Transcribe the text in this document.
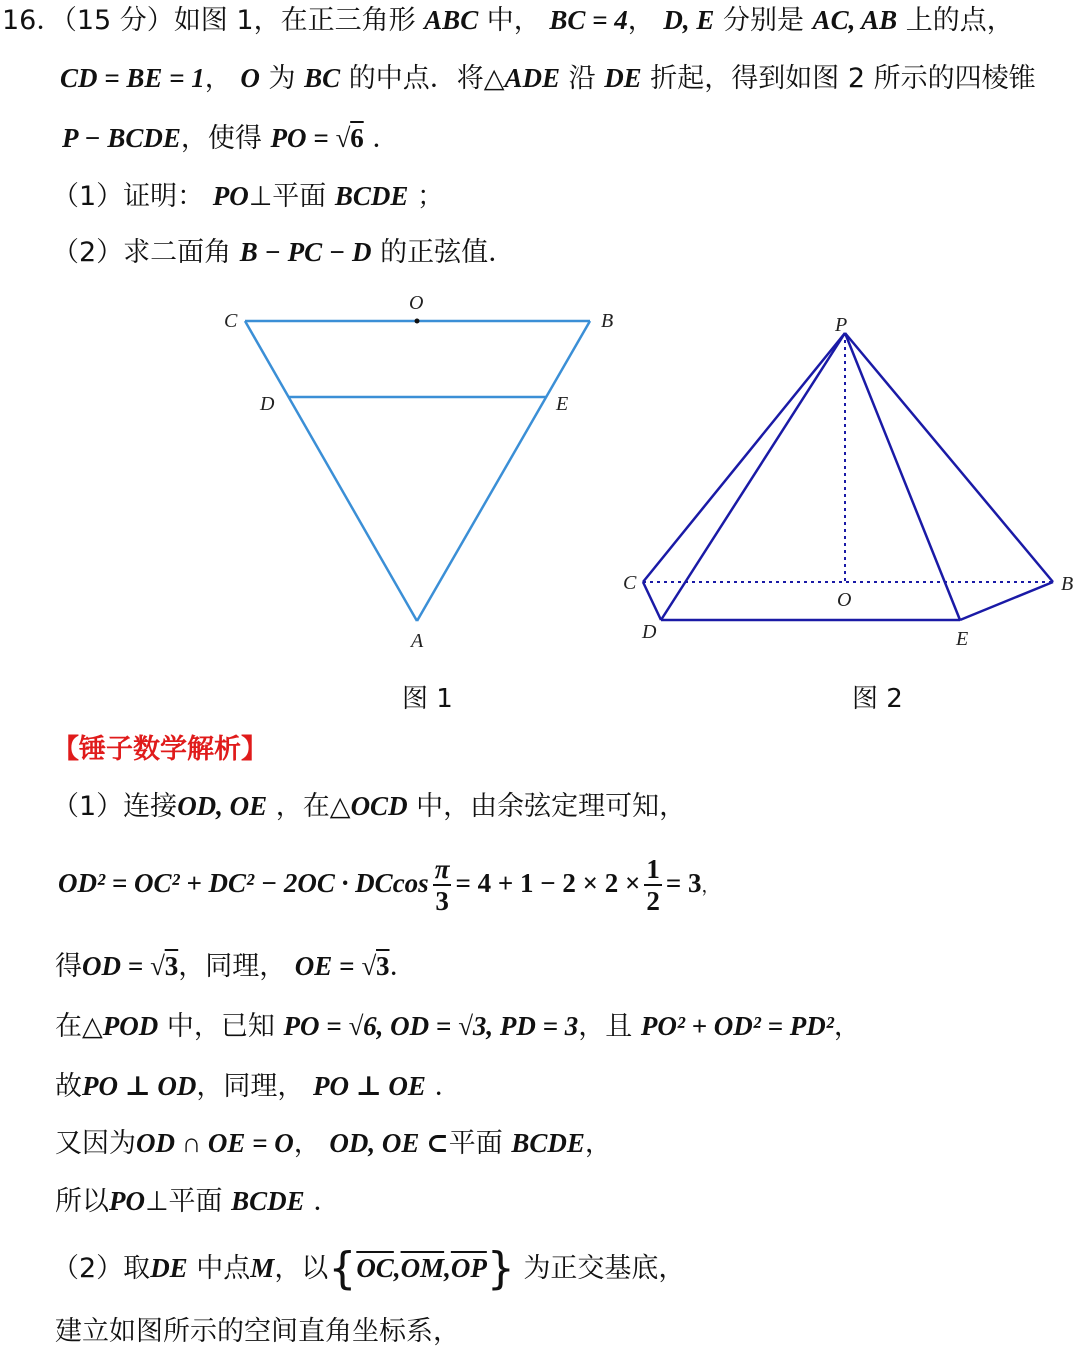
16．（15 分）如图 1，在正三角形 ABC 中， BC = 4， D, E 分别是 AC, AB 上的点，
CD = BE = 1， O 为 BC 的中点．将△ADE 沿 DE 折起，得到如图 2 所示的四棱锥
P − BCDE，使得 PO = √6 ．
（1）证明： PO⊥平面 BCDE ；
（2）求二面角 B − PC − D 的正弦值．
C
O
B
D	E
A
图 1
P
C	B
O
D	E
图 2
【锤子数学解析】
（1）连接OD, OE ，在△OCD 中，由余弦定理可知，
OD² = OC² + DC² − 2OC · DCcos $\frac{\pi}{3} = 4 + 1 - 2 \times 2 \times \frac{1}{2} = 3$，
得OD = √3，同理， OE = √3．
在△POD 中，已知 PO = √6, OD = √3, PD = 3，且 PO² + OD² = PD²，
故PO ⊥ OD，同理， PO ⊥ OE ．
又因为OD ∩ OE = O， OD, OE ⊂平面 BCDE，
所以PO⊥平面 BCDE ．
（2）取DE 中点M，以$\{\overline{OC},\overline{OM},\overline{OP}\}$ 为正交基底，
建立如图所示的空间直角坐标系，
